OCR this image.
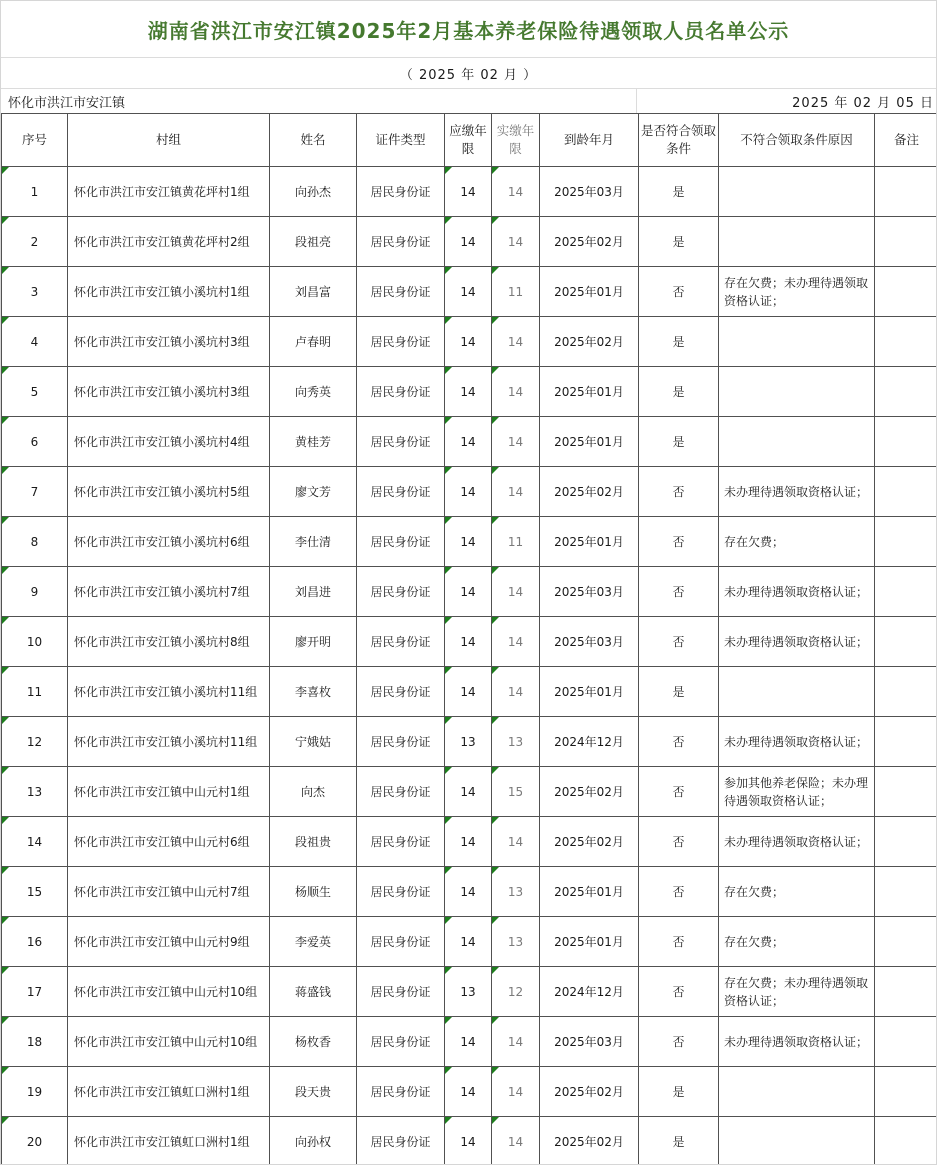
湖南省洪江市安江镇2025年2月基本养老保险待遇领取人员名单公示
（ 2025 年 02 月 ）
怀化市洪江市安江镇	2025 年 02 月 05 日
序号	村组	姓名	证件类型	应缴年限	实缴年限	到龄年月	是否符合领取条件	不符合领取条件原因	备注
1	怀化市洪江市安江镇黄花坪村1组	向孙杰	居民身份证	14	14	2025年03月	是		
2	怀化市洪江市安江镇黄花坪村2组	段祖亮	居民身份证	14	14	2025年02月	是		
3	怀化市洪江市安江镇小溪坑村1组	刘昌富	居民身份证	14	11	2025年01月	否	存在欠费；未办理待遇领取资格认证；	
4	怀化市洪江市安江镇小溪坑村3组	卢春明	居民身份证	14	14	2025年02月	是		
5	怀化市洪江市安江镇小溪坑村3组	向秀英	居民身份证	14	14	2025年01月	是		
6	怀化市洪江市安江镇小溪坑村4组	黄桂芳	居民身份证	14	14	2025年01月	是		
7	怀化市洪江市安江镇小溪坑村5组	廖文芳	居民身份证	14	14	2025年02月	否	未办理待遇领取资格认证；	
8	怀化市洪江市安江镇小溪坑村6组	李仕清	居民身份证	14	11	2025年01月	否	存在欠费；	
9	怀化市洪江市安江镇小溪坑村7组	刘昌进	居民身份证	14	14	2025年03月	否	未办理待遇领取资格认证；	
10	怀化市洪江市安江镇小溪坑村8组	廖开明	居民身份证	14	14	2025年03月	否	未办理待遇领取资格认证；	
11	怀化市洪江市安江镇小溪坑村11组	李喜枚	居民身份证	14	14	2025年01月	是		
12	怀化市洪江市安江镇小溪坑村11组	宁娥姑	居民身份证	13	13	2024年12月	否	未办理待遇领取资格认证；	
13	怀化市洪江市安江镇中山元村1组	向杰	居民身份证	14	15	2025年02月	否	参加其他养老保险；未办理待遇领取资格认证；	
14	怀化市洪江市安江镇中山元村6组	段祖贵	居民身份证	14	14	2025年02月	否	未办理待遇领取资格认证；	
15	怀化市洪江市安江镇中山元村7组	杨顺生	居民身份证	14	13	2025年01月	否	存在欠费；	
16	怀化市洪江市安江镇中山元村9组	李爱英	居民身份证	14	13	2025年01月	否	存在欠费；	
17	怀化市洪江市安江镇中山元村10组	蒋盛钱	居民身份证	13	12	2024年12月	否	存在欠费；未办理待遇领取资格认证；	
18	怀化市洪江市安江镇中山元村10组	杨枚香	居民身份证	14	14	2025年03月	否	未办理待遇领取资格认证；	
19	怀化市洪江市安江镇虹口洲村1组	段天贵	居民身份证	14	14	2025年02月	是		
20	怀化市洪江市安江镇虹口洲村1组	向孙权	居民身份证	14	14	2025年02月	是		
